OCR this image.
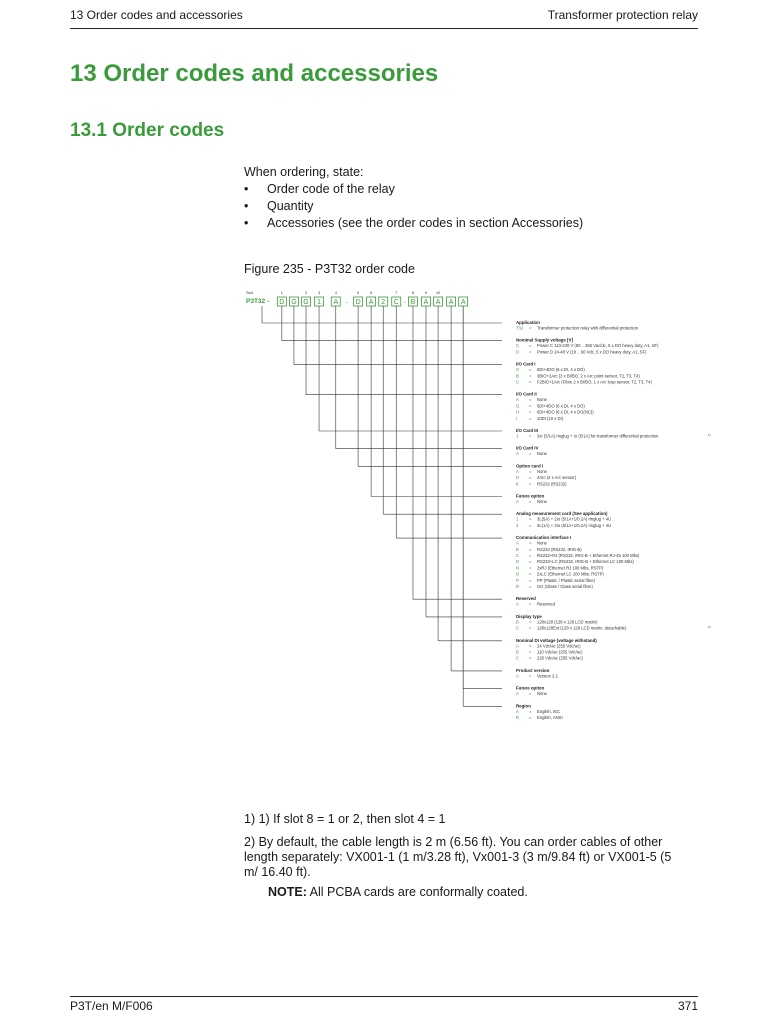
13 Order codes and accessories	Transformer protection relay
13 Order codes and accessories
13.1 Order codes
When ordering, state:
•	Order code of the relay
•	Quantity
•	Accessories (see the order codes in section Accessories)
Figure 235 - P3T32 order code
Slot
P3T32 -
1	2	3	4	5	6	7	8	9 10
D G G 1 A D A 2 C B A A A A
-	-
Application
T32 = Transformer protection relay with differential protection
Nominal Supply voltage [V]
C = Power C 110-230 V (80 .. 265 Vac/dc, 5 x DO heavy duty, A1, SF)
D = Power D 24-48 V (18 .. 60 Vdc, 5 x DO heavy duty, A1, SF)
I/O Card I
G = 6DI+4DO (6 x DI, 4 x DO)
B = 3BIO+2Arc (3 x BI/BO, 2 x Arc point sensor, T2, T3, T4)
C = F2BIO+1Arc (Fibre 2 x BI/BO, 1 x Arc loop sensor, T2, T3, T4)
I/O Card II
A = None
G = 6DI+4DO (6 x DI, 4 x DO)
H = 6DI+4DO (6 x DI, 4 x DO(NC))
I	= 10DI (10 x DI)
I/O Card III
1	= 3xI (5/1A) ringlug + Io (5/1A) for transformer differential protection	1)
I/O Card IV
A = None
Option card I
A = None
D = 4Arc (4 x Arc sensor)
K = RS232 (RS232)
Future option
A = None
Analog measurement card (See application)
1	= 3L(5A) + 2Io (5/1A+1/0.2A) ringlug + 4U
2	= 3L(1A) + 2Io (5/1A+1/0.2A) ringlug + 4U
Communication interface I
A = None
B = RS232 (RS232, IRIG-B)
C = RS232+RJ (RS232, IRIG-B + Ethernet RJ-45 100 Mbs)
D = RS232+LC (RS232, IRIG-B + Ethernet LC 100 Mbs)
N = 2xRJ (Ethernet RJ 100 Mbs, RSTP)
O = 2xLC (Ethernet LC 100 Mbs, RSTP)
P = PP (Plastic / Plastic serial fibre)
R = GG (Glass / Glass serial fibre)
Reserved
A = Reserved
Display type
B = 128x128 (128 x 128 LCD matrix)
C = 128x128Ext (128 x 128 LCD matrix, detachable)	2)
Nominal DI voltage (voltage withstand)
A = 24 Vdc/ac (255 Vdc/ac)
B = 110 Vdc/ac (255 Vdc/ac)
C = 220 Vdc/ac (255 Vdc/ac)
Product version
A = Version 2.1
Future option
A = None
Region
A = English, IEC
B = English, ANSI

1) 1) If slot 8 = 1 or 2, then slot 4 = 1

2) By default, the cable length is 2 m (6.56 ft). You can order cables of other length separately: VX001-1 (1 m/3.28 ft), Vx001-3 (3 m/9.84 ft) or VX001-5 (5 m/ 16.40 ft).

NOTE: All PCBA cards are conformally coated.
P3T/en M/F006	371
